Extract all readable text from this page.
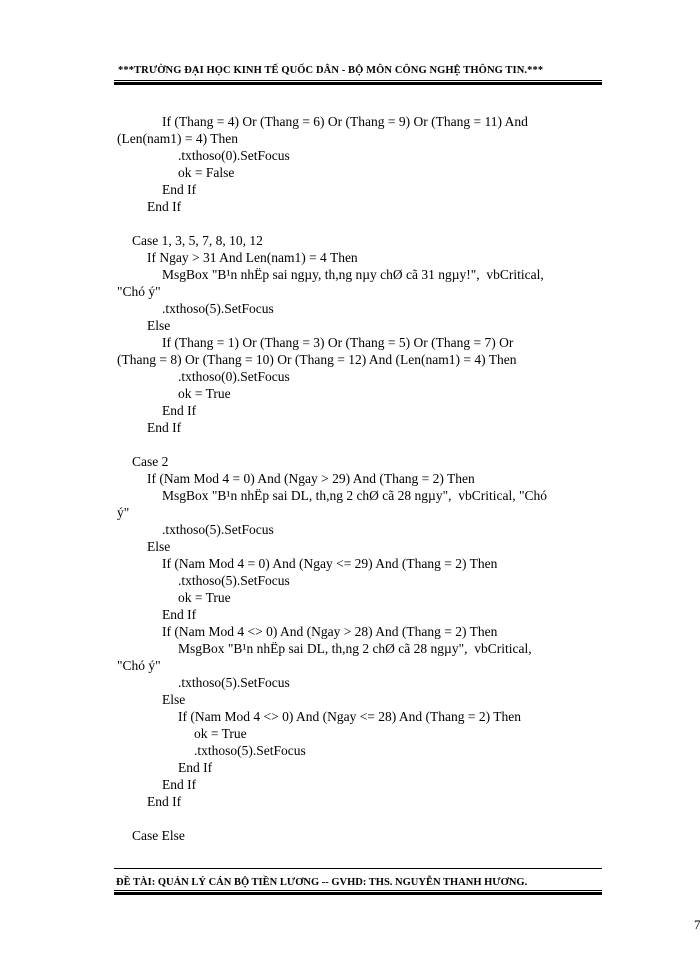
***TRƯỜNG ĐẠI HỌC KINH TẾ QUỐC DÂN - BỘ MÔN CÔNG NGHỆ THÔNG TIN.***
If (Thang = 4) Or (Thang = 6) Or (Thang = 9) Or (Thang = 11) And
(Len(nam1) = 4) Then
.txthoso(0).SetFocus
ok = False
End If
End If
Case 1, 3, 5, 7, 8, 10, 12
If Ngay > 31 And Len(nam1) = 4 Then
MsgBox "B¹n nhËp sai ngµy, th,ng nµy chØ cã 31 ngµy!",  vbCritical,
"Chó ý"
.txthoso(5).SetFocus
Else
If (Thang = 1) Or (Thang = 3) Or (Thang = 5) Or (Thang = 7) Or
(Thang = 8) Or (Thang = 10) Or (Thang = 12) And (Len(nam1) = 4) Then
.txthoso(0).SetFocus
ok = True
End If
End If
Case 2
If (Nam Mod 4 = 0) And (Ngay > 29) And (Thang = 2) Then
MsgBox "B¹n nhËp sai DL, th,ng 2 chØ cã 28 ngµy",  vbCritical, "Chó
ý"
.txthoso(5).SetFocus
Else
If (Nam Mod 4 = 0) And (Ngay <= 29) And (Thang = 2) Then
.txthoso(5).SetFocus
ok = True
End If
If (Nam Mod 4 <> 0) And (Ngay > 28) And (Thang = 2) Then
MsgBox "B¹n nhËp sai DL, th,ng 2 chØ cã 28 ngµy",  vbCritical,
"Chó ý"
.txthoso(5).SetFocus
Else
If (Nam Mod 4 <> 0) And (Ngay <= 28) And (Thang = 2) Then
ok = True
.txthoso(5).SetFocus
End If
End If
End If
Case Else
ĐỀ TÀI: QUẢN LÝ CÁN BỘ TIỀN LƯƠNG -- GVHD: THS. NGUYỄN THANH HƯƠNG.
7
